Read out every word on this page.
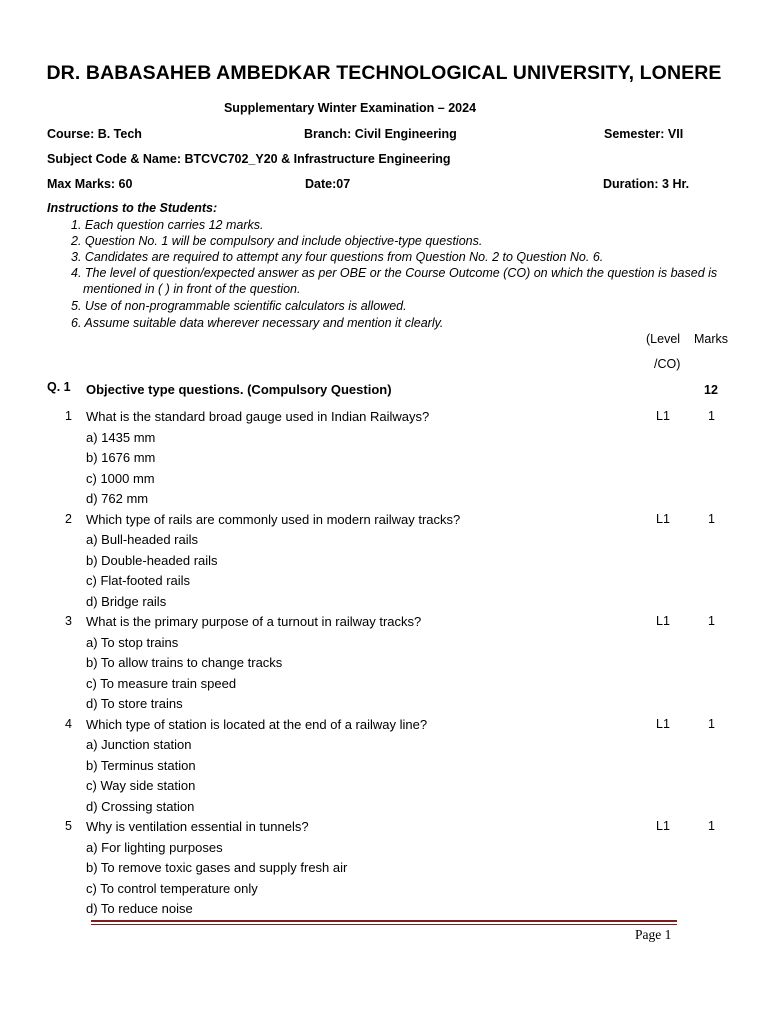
DR. BABASAHEB AMBEDKAR TECHNOLOGICAL UNIVERSITY, LONERE
Supplementary Winter Examination – 2024
Course: B. Tech	Branch: Civil Engineering	Semester: VII
Subject Code & Name: BTCVC702_Y20 & Infrastructure Engineering
Max Marks: 60	Date:07	Duration: 3 Hr.
Instructions to the Students:
1. Each question carries 12 marks.
2. Question No. 1 will be compulsory and include objective-type questions.
3. Candidates are required to attempt any four questions from Question No. 2 to Question No. 6.
4. The level of question/expected answer as per OBE or the Course Outcome (CO) on which the question is based is
mentioned in ( ) in front of the question.
5. Use of non-programmable scientific calculators is allowed.
6. Assume suitable data wherever necessary and mention it clearly.
(Level Marks
/CO)
Q. 1 Objective type questions. (Compulsory Question)	12
1 What is the standard broad gauge used in Indian Railways?	L1	1
a) 1435 mm
b) 1676 mm
c) 1000 mm
d) 762 mm
2 Which type of rails are commonly used in modern railway tracks?	L1	1
a) Bull-headed rails
b) Double-headed rails
c) Flat-footed rails
d) Bridge rails
3 What is the primary purpose of a turnout in railway tracks?	L1	1
a) To stop trains
b) To allow trains to change tracks
c) To measure train speed
d) To store trains
4 Which type of station is located at the end of a railway line?	L1	1
a) Junction station
b) Terminus station
c) Way side station
d) Crossing station
5 Why is ventilation essential in tunnels?	L1	1
a) For lighting purposes
b) To remove toxic gases and supply fresh air
c) To control temperature only
d) To reduce noise
Page 1
